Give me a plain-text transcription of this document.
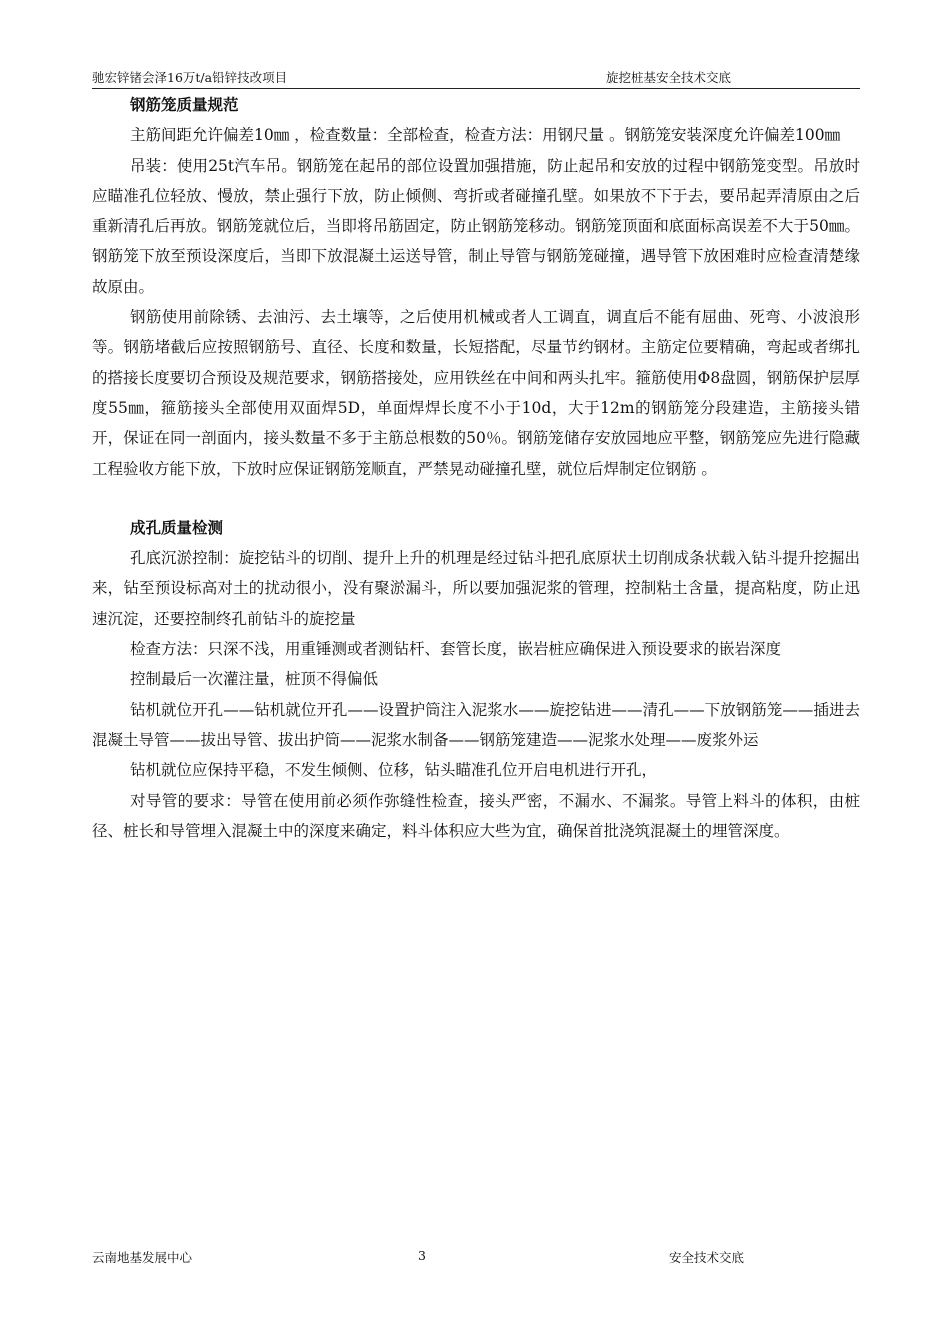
驰宏锌锗会泽16万t/a铅锌技改项目	旋挖桩基安全技术交底
钢筋笼质量规范

主筋间距允许偏差10㎜ ，检查数量：全部检查，检查方法：用钢尺量 。钢筋笼安装深度允许偏差100㎜

吊装：使用25t汽车吊。钢筋笼在起吊的部位设置加强措施，防止起吊和安放的过程中钢筋笼变型。吊放时应瞄准孔位轻放、慢放，禁止强行下放，防止倾侧、弯折或者碰撞孔壁。如果放不下于去，要吊起弄清原由之后重新清孔后再放。钢筋笼就位后，当即将吊筋固定，防止钢筋笼移动。钢筋笼顶面和底面标高误差不大于50㎜。钢筋笼下放至预设深度后，当即下放混凝土运送导管，制止导管与钢筋笼碰撞，遇导管下放困难时应检查清楚缘故原由。

钢筋使用前除锈、去油污、去土壤等，之后使用机械或者人工调直，调直后不能有屈曲、死弯、小波浪形等。钢筋堵截后应按照钢筋号、直径、长度和数量，长短搭配，尽量节约钢材。主筋定位要精确，弯起或者绑扎的搭接长度要切合预设及规范要求，钢筋搭接处，应用铁丝在中间和两头扎牢。箍筋使用Φ8盘圆，钢筋保护层厚度55㎜，箍筋接头全部使用双面焊5D，单面焊焊长度不小于10d，大于12m的钢筋笼分段建造，主筋接头错开，保证在同一剖面内，接头数量不多于主筋总根数的50％。钢筋笼储存安放园地应平整，钢筋笼应先进行隐藏工程验收方能下放，下放时应保证钢筋笼顺直，严禁晃动碰撞孔壁，就位后焊制定位钢筋 。

成孔质量检测

孔底沉淤控制：旋挖钻斗的切削、提升上升的机理是经过钻斗把孔底原状土切削成条状载入钻斗提升挖掘出来，钻至预设标高对土的扰动很小，没有聚淤漏斗，所以要加强泥浆的管理，控制粘土含量，提高粘度，防止迅速沉淀，还要控制终孔前钻斗的旋挖量

检查方法：只深不浅，用重锤测或者测钻杆、套管长度，嵌岩桩应确保进入预设要求的嵌岩深度

控制最后一次灌注量，桩顶不得偏低

钻机就位开孔——钻机就位开孔——设置护筒注入泥浆水——旋挖钻进——清孔——下放钢筋笼——插进去混凝土导管——拔出导管、拔出护筒——泥浆水制备——钢筋笼建造——泥浆水处理——废浆外运

钻机就位应保持平稳，不发生倾侧、位移，钻头瞄准孔位开启电机进行开孔，

对导管的要求：导管在使用前必须作弥缝性检查，接头严密，不漏水、不漏浆。导管上料斗的体积，由桩径、桩长和导管埋入混凝土中的深度来确定，料斗体积应大些为宜，确保首批浇筑混凝土的埋管深度。

云南地基发展中心	3	安全技术交底
